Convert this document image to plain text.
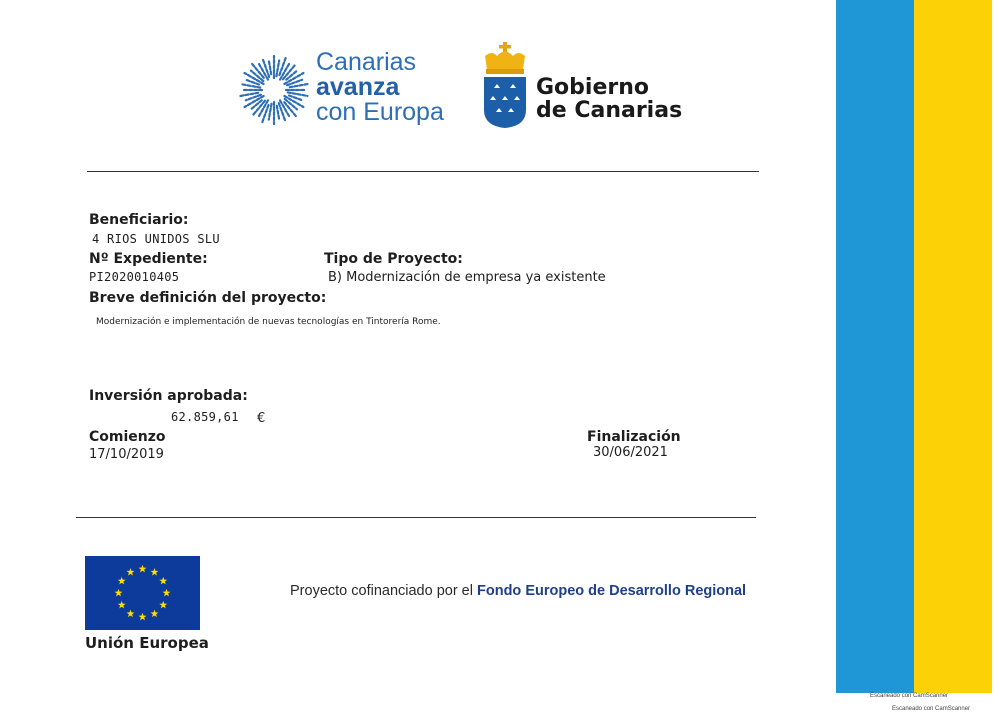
Escaneado con CamScanner
Escaneado con CamScanner
Canarias
avanza
con Europa
Gobierno
de Canarias
Beneficiario:
4 RIOS UNIDOS SLU
Nº Expediente:
PI2020010405
Tipo de Proyecto:
B) Modernización de empresa ya existente
Breve definición del proyecto:
Modernización e implementación de nuevas tecnologías en Tintorería Rome.
Inversión aprobada:
62.859,61 €
Comienzo
17/10/2019
Finalización
30/06/2021
Unión Europea
Proyecto cofinanciado por el Fondo Europeo de Desarrollo Regional
